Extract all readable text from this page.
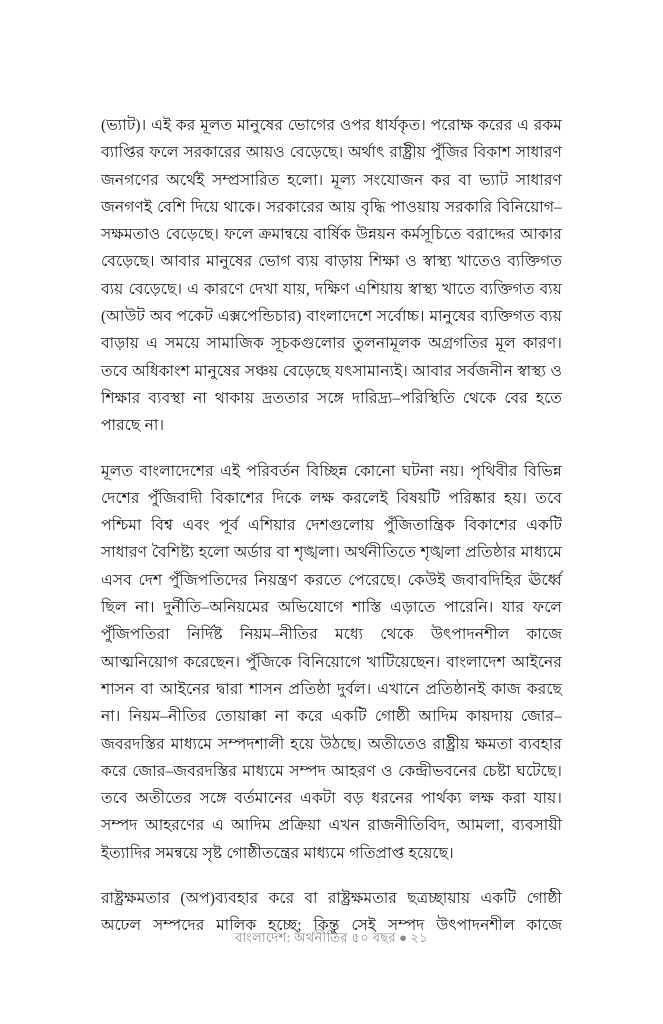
(ভ্যাট)। এই কর মূলত মানুষের ভোগের ওপর ধার্যকৃত। পরোক্ষ করের এ রকম ব্যাপ্তির ফলে সরকারের আয়ও বেড়েছে। অর্থাৎ রাষ্ট্রীয় পুঁজির বিকাশ সাধারণ জনগণের অর্থেই সম্প্রসারিত হলো। মূল্য সংযোজন কর বা ভ্যাট সাধারণ জনগণই বেশি দিয়ে থাকে। সরকারের আয় বৃদ্ধি পাওয়ায় সরকারি বিনিয়োগ–সক্ষমতাও বেড়েছে। ফলে ক্রমান্বয়ে বার্ষিক উন্নয়ন কর্মসূচিতে বরাদ্দের আকার বেড়েছে। আবার মানুষের ভোগ ব্যয় বাড়ায় শিক্ষা ও স্বাস্থ্য খাতেও ব্যক্তিগত ব্যয় বেড়েছে। এ কারণে দেখা যায়, দক্ষিণ এশিয়ায় স্বাস্থ্য খাতে ব্যক্তিগত ব্যয় (আউট অব পকেট এক্সপেন্ডিচার) বাংলাদেশে সর্বোচ্চ। মানুষের ব্যক্তিগত ব্যয় বাড়ায় এ সময়ে সামাজিক সূচকগুলোর তুলনামূলক অগ্রগতির মূল কারণ। তবে অধিকাংশ মানুষের সঞ্চয় বেড়েছে যৎসামান্যই। আবার সর্বজনীন স্বাস্থ্য ও শিক্ষার ব্যবস্থা না থাকায় দ্রততার সঙ্গে দারিদ্র্য–পরিস্থিতি থেকে বের হতে পারছে না।

মূলত বাংলাদেশের এই পরিবর্তন বিচ্ছিন্ন কোনো ঘটনা নয়। পৃথিবীর বিভিন্ন দেশের পুঁজিবাদী বিকাশের দিকে লক্ষ করলেই বিষয়টি পরিষ্কার হয়। তবে পশ্চিমা বিশ্ব এবং পূর্ব এশিয়ার দেশগুলোয় পুঁজিতান্ত্রিক বিকাশের একটি সাধারণ বৈশিষ্ট্য হলো অর্ডার বা শৃঙ্খলা। অর্থনীতিতে শৃঙ্খলা প্রতিষ্ঠার মাধ্যমে এসব দেশ পুঁজিপতিদের নিয়ন্ত্রণ করতে পেরেছে। কেউই জবাবদিহির ঊর্ধ্বে ছিল না। দুর্নীতি–অনিয়মের অভিযোগে শাস্তি এড়াতে পারেনি। যার ফলে পুঁজিপতিরা নির্দিষ্ট নিয়ম–নীতির মধ্যে থেকে উৎপাদনশীল কাজে আত্মনিয়োগ করেছেন। পুঁজিকে বিনিয়োগে খাটিয়েছেন। বাংলাদেশ আইনের শাসন বা আইনের দ্বারা শাসন প্রতিষ্ঠা দুর্বল। এখানে প্রতিষ্ঠানই কাজ করছে না। নিয়ম–নীতির তোয়াক্কা না করে একটি গোষ্ঠী আদিম কায়দায় জোর–জবরদস্তির মাধ্যমে সম্পদশালী হয়ে উঠছে। অতীতেও রাষ্ট্রীয় ক্ষমতা ব্যবহার করে জোর–জবরদস্তির মাধ্যমে সম্পদ আহরণ ও কেন্দ্রীভবনের চেষ্টা ঘটেছে। তবে অতীতের সঙ্গে বর্তমানের একটা বড় ধরনের পার্থক্য লক্ষ করা যায়। সম্পদ আহরণের এ আদিম প্রক্রিয়া এখন রাজনীতিবিদ, আমলা, ব্যবসায়ী ইত্যাদির সমন্বয়ে সৃষ্ট গোষ্ঠীতন্ত্রের মাধ্যমে গতিপ্রাপ্ত হয়েছে।

রাষ্ট্রক্ষমতার (অপ)ব্যবহার করে বা রাষ্ট্রক্ষমতার ছত্রচ্ছায়ায় একটি গোষ্ঠী অঢেল সম্পদের মালিক হচ্ছে; কিন্তু সেই সম্পদ উৎপাদনশীল কাজে

বাংলাদেশ: অর্থনীতির ৫০ বছর ● ২১
